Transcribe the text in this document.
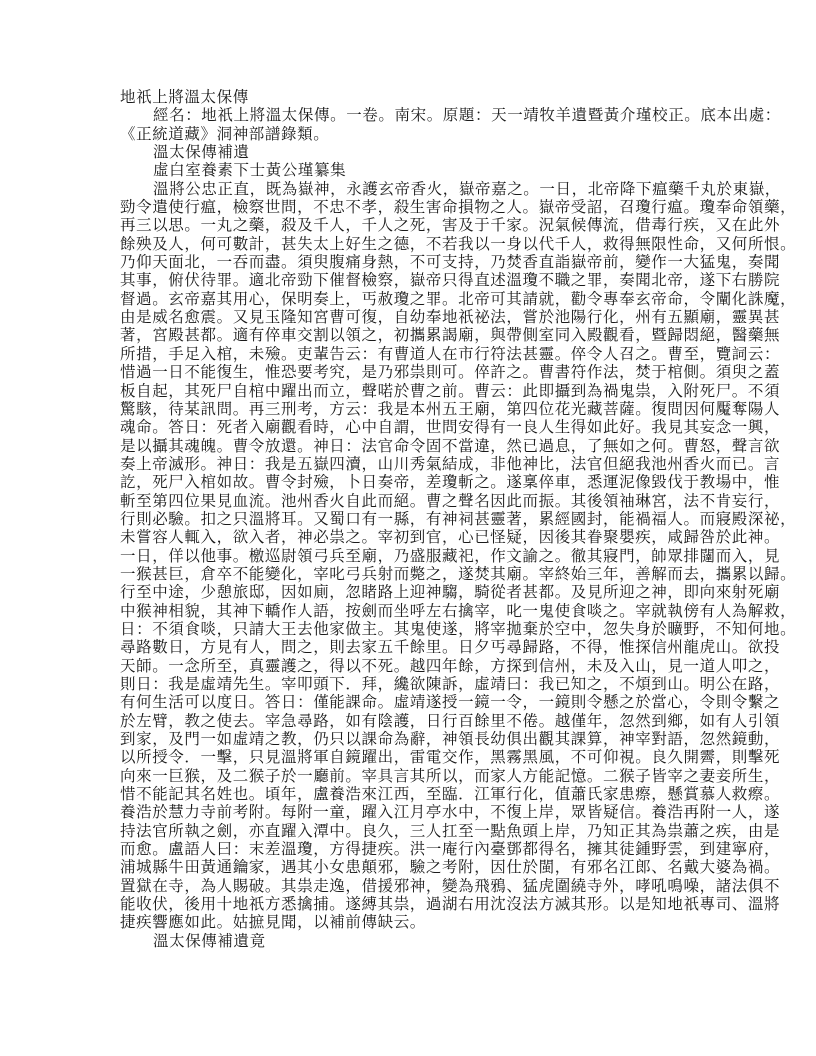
地祇上將溫太保傳
經名：地祇上將溫太保傳。一卷。南宋。原題：天一靖牧羊遺暨黃介瑾校正。底本出處：
《正統道藏》洞神部譜錄類。
溫太保傳補遺
虛白室養素下士黃公瑾纂集
溫將公忠正直，既為嶽神，永護玄帝香火，嶽帝嘉之。一日，北帝降下瘟藥千丸於東嶽，
勁令遣使行瘟，檢察世問，不忠不孝，殺生害命損物之人。嶽帝受詔，召瓊行瘟。瓊奉命領藥，
再三以思。一丸之藥，殺及千人，千人之死，害及于千家。況氣候傳流，借毒行疾，又在此外
餘殃及人，何可數計，甚失太上好生之德，不若我以一身以代千人，救得無限性命，又何所恨。
乃仰天面北，一吞而盡。須臾腹痛身熱，不可支持，乃焚香直詣嶽帝前，變作一大猛鬼，奏聞
其事，俯伏待罪。適北帝勁下催督檢察，嶽帝只得直述溫瓊不職之罪，奏聞北帝，遂下右勝院
督過。玄帝嘉其用心，保明奏上，丐赦瓊之罪。北帝可其請就，勸令專奉玄帝命，令闡化誅魔，
由是威名愈震。又見玉隆知宮曹可復，自幼奉地祇祕法，嘗於池陽行化，州有五顯廟，靈異甚
著，宮殿甚都。適有倅車交割以領之，初攜累謁廟，與帶側室同入殿觀看，暨歸悶絕，醫藥無
所措，手足入棺，未殮。吏輩告云：有曹道人在市行符法甚靈。倅令人召之。曹至，覽詞云：
惜過一日不能復生，惟恐要考究，是乃邪祟則可。倅許之。曹書符作法，焚于棺側。須臾之蓋
板自起，其死尸自棺中躍出而立，聲喏於曹之前。曹云：此即攝到為禍鬼祟，入附死尸。不須
驚駭，待某訊問。再三刑考，方云：我是本州五王廟，第四位花光藏菩薩。復問因何魘奪陽人
魂命。答日：死者入廟觀看時，心中自謂，世問安得有一良人生得如此好。我見其妄念一興，
是以攝其魂魄。曹令放還。神日：法官命令固不當違，然已過息，了無如之何。曹怒，聲言欲
奏上帝滅形。神日：我是五嶽四瀆，山川秀氣結成，非他神比，法官但絕我池州香火而已。言
訖，死尸入棺如故。曹令封殮，卜日奏帝，差瓊斬之。遂稟倅車，悉運泥像毀伐于教場中，惟
斬至第四位果見血流。池州香火自此而絕。曹之聲名因此而振。其後領袖琳宮，法不肯妄行，
行則必驗。扣之只溫將耳。又蜀口有一縣，有神祠甚靈著，累經國封，能禍福人。而寢殿深祕，
未嘗容人輒入，欲入者，神必祟之。宰初到官，心已怪疑，因後其眷聚嬰疾，咸歸咎於此神。
一日，佯以他事。檄巡尉領弓兵至廟，乃盛服藏祀，作文諭之。徹其寢門，帥眾排闥而入，見
一猴甚巨，倉卒不能變化，宰叱弓兵射而斃之，遂焚其廟。宰終始三年，善解而去，攜累以歸。
行至中途，少憩旅邸，因如廁，忽睹路上迎神騶，騎從者甚都。及見所迎之神，即向來射死廟
中猴神相貌，其神下轎作人語，按劍而坐呼左右擒宰，叱一鬼使食啖之。宰就執傍有人為解救，
日：不須食啖，只請大王去他家做主。其鬼使遂，將宰拋棄於空中，忽失身於曠野，不知何地。
尋路數日，方見有人，問之，則去家五千餘里。日夕丐尋歸路，不得，惟探信州龍虎山。欲投
天師。一念所至，真靈護之，得以不死。越四年餘，方探到信州，未及入山，見一道人叩之，
則日：我是虛靖先生。宰叩頭下．拜，纔欲陳訴，虛靖曰：我已知之，不煩到山。明公在路，
有何生活可以度日。答日：僅能課命。虛靖遂授一鏡一令，一鏡則令懸之於當心，令則令繫之
於左臂，教之使去。宰急尋路，如有陰護，日行百餘里不倦。越僅年，忽然到鄉，如有人引領
到家，及門一如虛靖之教，仍只以課命為辭，神領長幼俱出觀其課算，神宰對語，忽然鏡動，
以所授令．一擊，只見溫將軍自鏡躍出，雷電交作，黑霧黑風，不可仰視。良久開霽，則擊死
向來一巨猴，及二猴子於一廳前。宰具言其所以，而家人方能記憶。二猴子皆宰之妻妾所生，
惜不能記其名姓也。頃年，盧養浩來江西，至臨．江軍行化，值蕭氏家患瘵，懸賞慕人救瘵。
養浩於慧力寺前考附。每附一童，躍入江月亭水中，不復上岸，眾皆疑信。養浩再附一人，遂
持法官所執之劍，亦直躍入潭中。良久，三人扛至一點魚頭上岸，乃知正其為祟蕭之疾，由是
而愈。盧語人曰：末差溫瓊，方得捷疾。洪一庵行內臺鄧都得名，擁其徒鍾野雲，到建寧府，
浦城縣牛田黃通鑰家，遇其小女患顛邪，驗之考附，因仕於閩，有邪名江郎、名戴大婆為禍。
置獄在寺，為人賜破。其祟走逸，借援邪神，變為飛鴉、猛虎圍繞寺外，哮吼鳴噪，諸法俱不
能收伏，後用十地祇方悉擒捕。遂縛其祟，過湖右用沈沒法方滅其形。以是知地祇專司、溫將
捷疾響應如此。姑摭見聞，以補前傳缺云。
溫太保傳補遺竟
